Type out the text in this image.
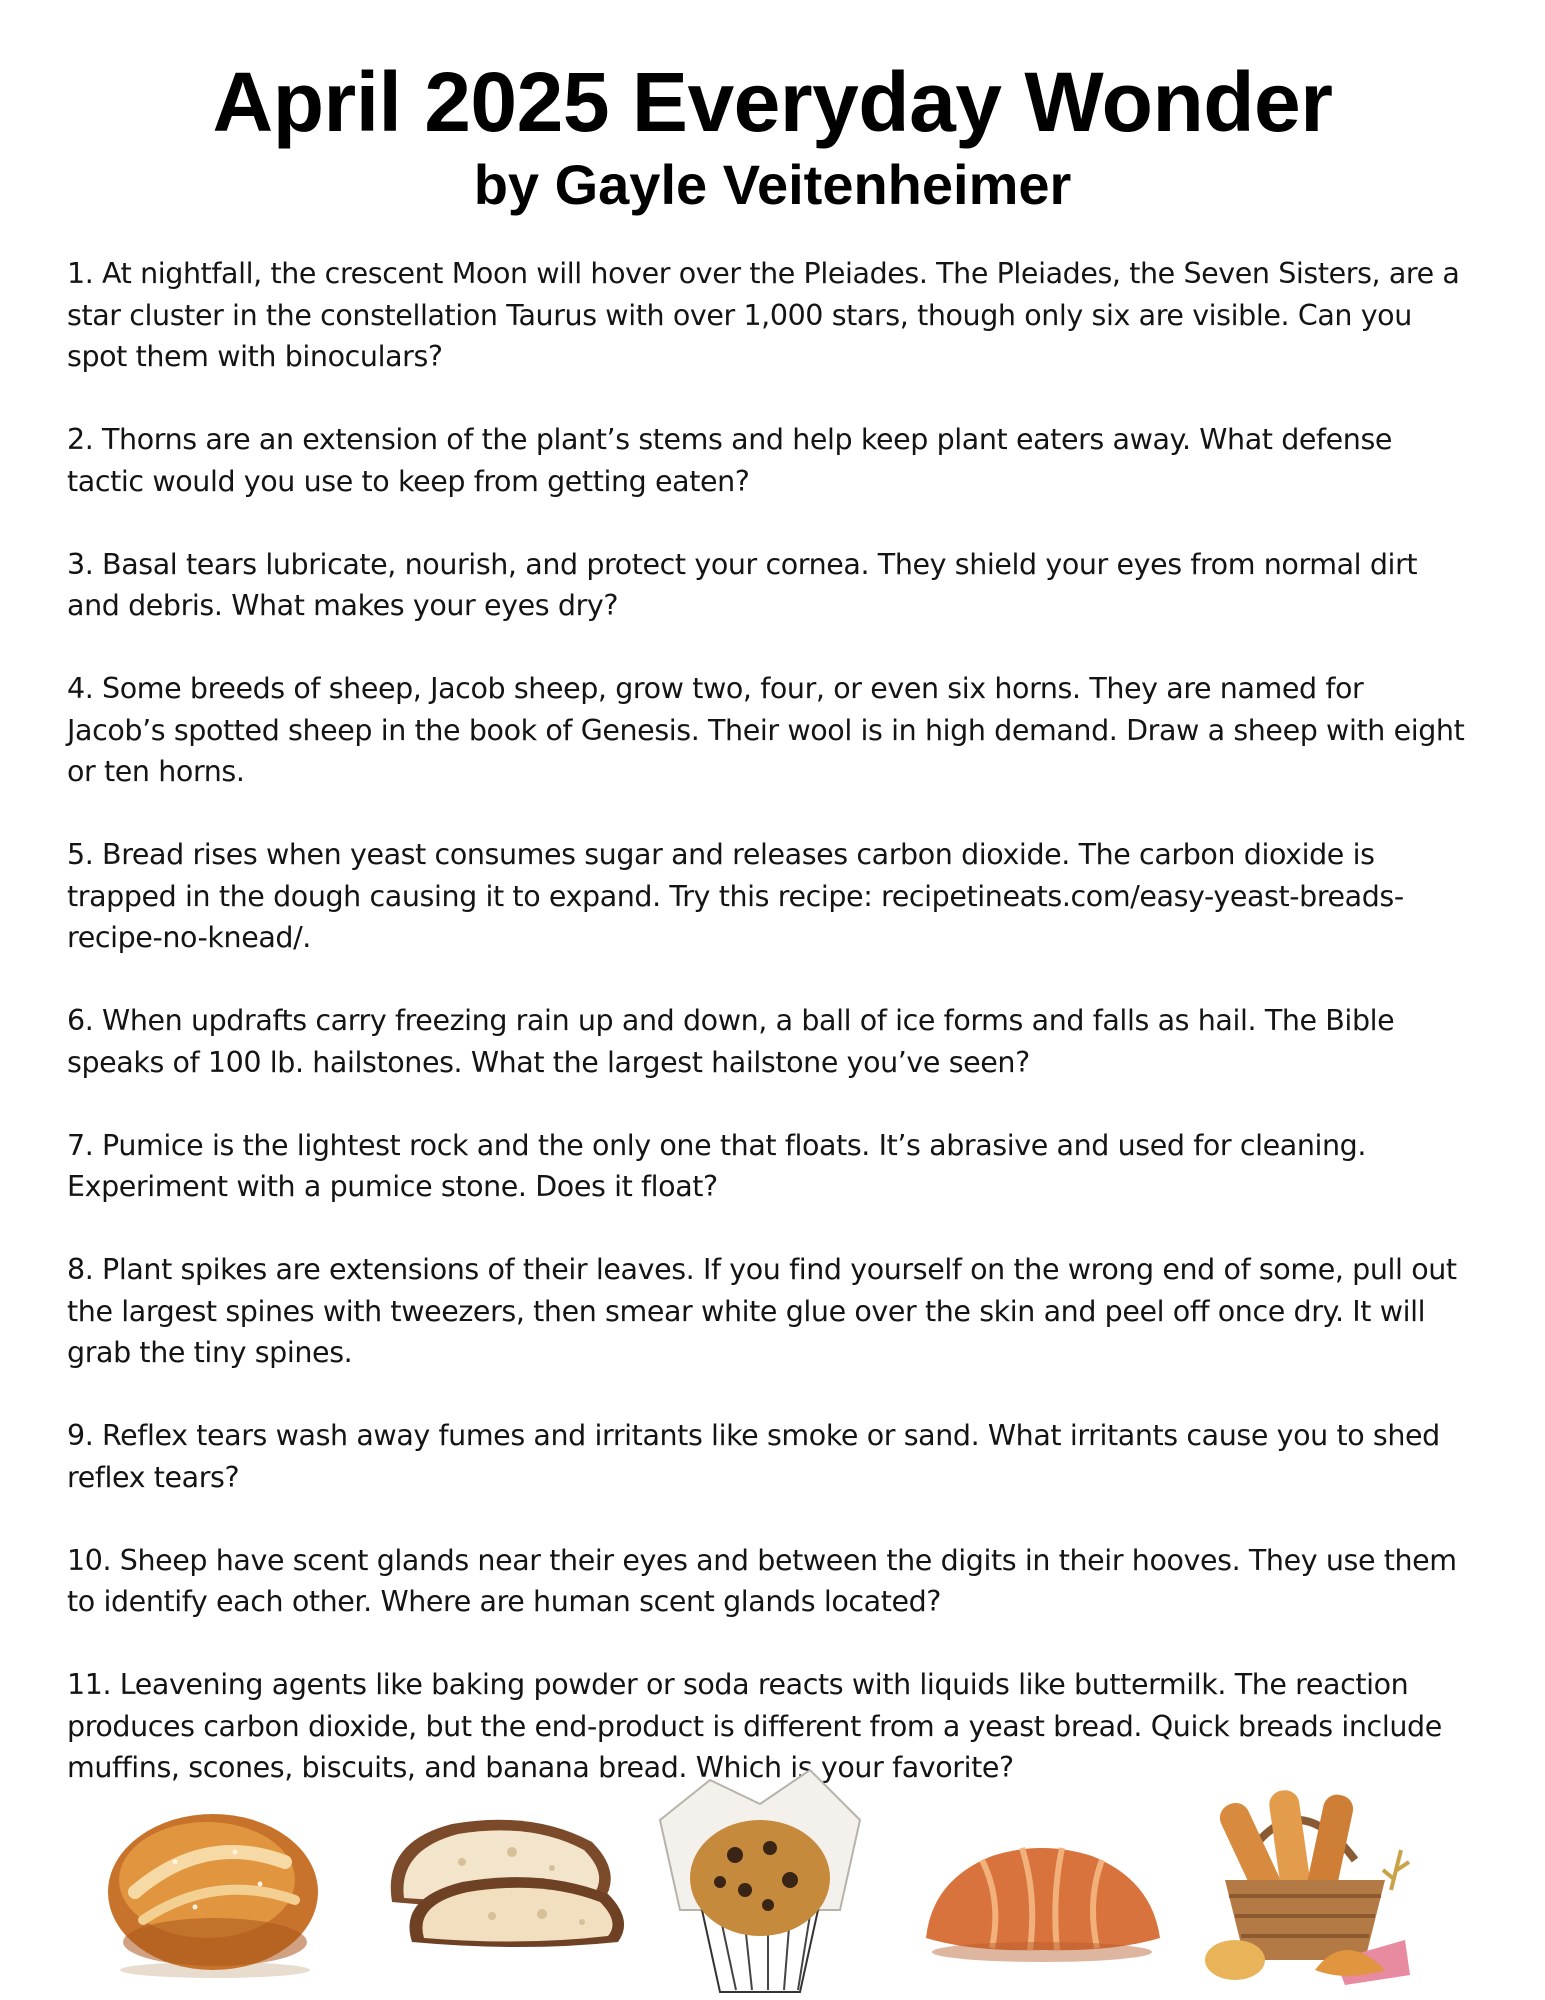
April 2025 Everyday Wonder
by Gayle Veitenheimer
1. At nightfall, the crescent Moon will hover over the Pleiades. The Pleiades, the Seven Sisters, are a star cluster in the constellation Taurus with over 1,000 stars, though only six are visible. Can you spot them with binoculars?
2. Thorns are an extension of the plant’s stems and help keep plant eaters away. What defense tactic would you use to keep from getting eaten?
3. Basal tears lubricate, nourish, and protect your cornea. They shield your eyes from normal dirt and debris. What makes your eyes dry?
4. Some breeds of sheep, Jacob sheep, grow two, four, or even six horns. They are named for Jacob’s spotted sheep in the book of Genesis. Their wool is in high demand. Draw a sheep with eight or ten horns.
5. Bread rises when yeast consumes sugar and releases carbon dioxide. The carbon dioxide is trapped in the dough causing it to expand. Try this recipe: recipetineats.com/easy-yeast-breads-recipe-no-knead/.
6. When updrafts carry freezing rain up and down, a ball of ice forms and falls as hail. The Bible speaks of 100 lb. hailstones. What the largest hailstone you’ve seen?
7. Pumice is the lightest rock and the only one that floats. It’s abrasive and used for cleaning. Experiment with a pumice stone. Does it float?
8. Plant spikes are extensions of their leaves. If you find yourself on the wrong end of some, pull out the largest spines with tweezers, then smear white glue over the skin and peel off once dry. It will grab the tiny spines.
9. Reflex tears wash away fumes and irritants like smoke or sand. What irritants cause you to shed reflex tears?
10. Sheep have scent glands near their eyes and between the digits in their hooves. They use them to identify each other. Where are human scent glands located?
11. Leavening agents like baking powder or soda reacts with liquids like buttermilk. The reaction produces carbon dioxide, but the end-product is different from a yeast bread. Quick breads include muffins, scones, biscuits, and banana bread. Which is your favorite?
